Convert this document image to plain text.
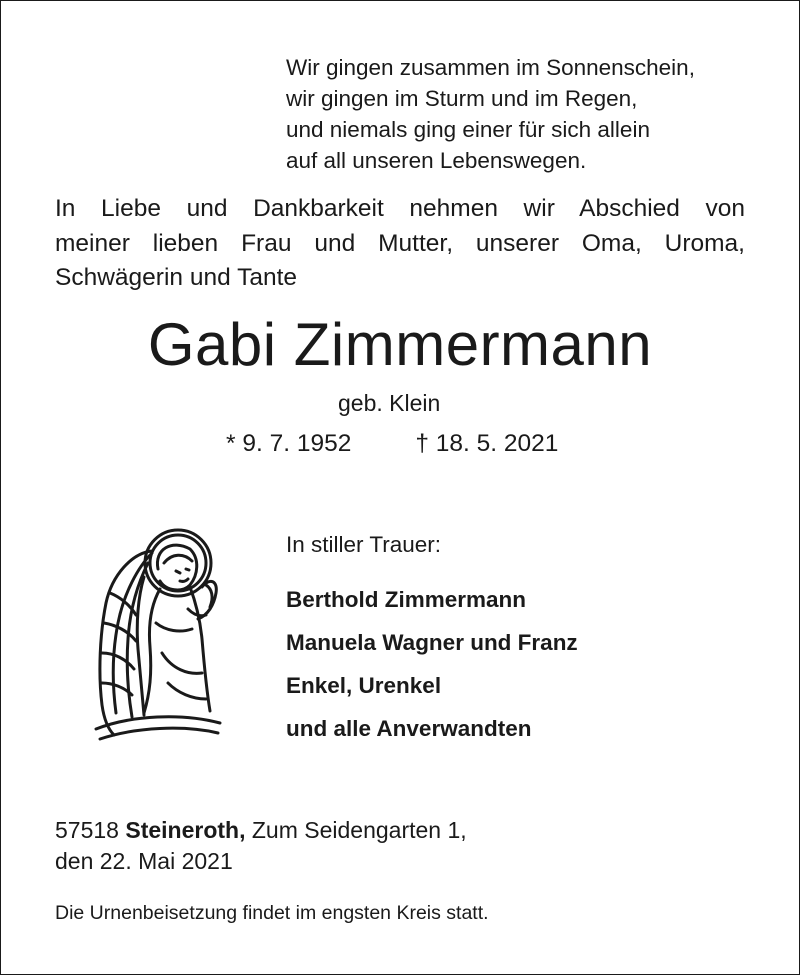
Wir gingen zusammen im Sonnenschein,
wir gingen im Sturm und im Regen,
und niemals ging einer für sich allein
auf all unseren Lebenswegen.
In Liebe und Dankbarkeit nehmen wir Abschied von
meiner lieben Frau und Mutter, unserer Oma, Uroma,
Schwägerin und Tante
Gabi Zimmermann
geb. Klein
* 9. 7. 1952	† 18. 5. 2021
In stiller Trauer:
Berthold Zimmermann
Manuela Wagner und Franz
Enkel, Urenkel
und alle Anverwandten
57518 Steineroth, Zum Seidengarten 1,
den 22. Mai 2021
Die Urnenbeisetzung findet im engsten Kreis statt.
